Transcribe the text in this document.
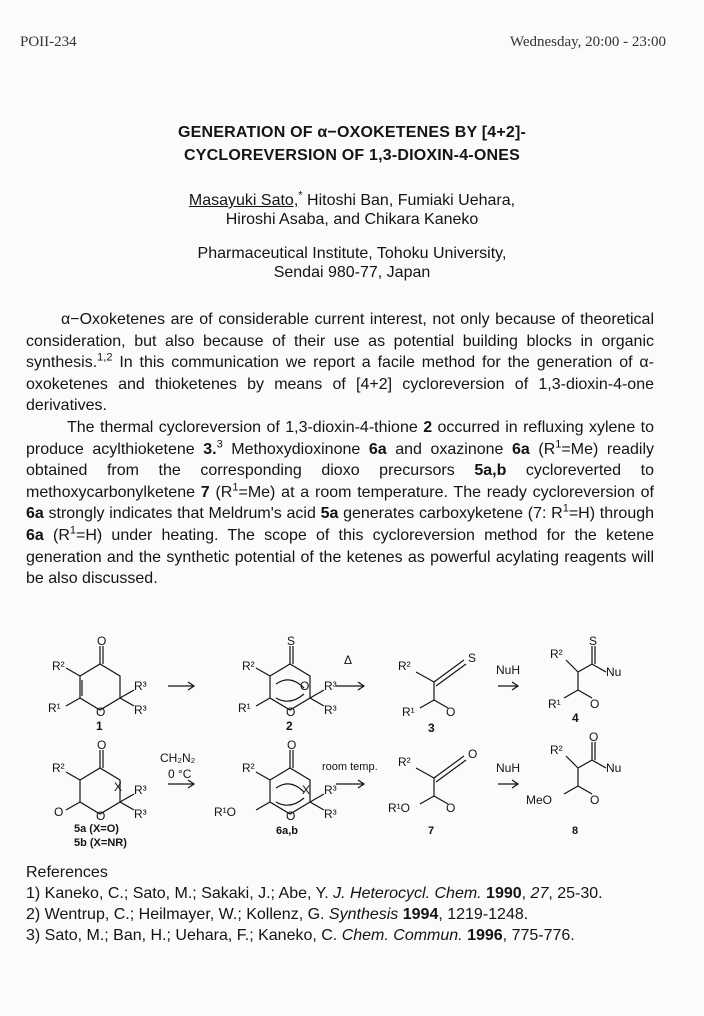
POII-234	Wednesday, 20:00 - 23:00
GENERATION OF α−OXOKETENES BY [4+2]-
CYCLOREVERSION OF 1,3-DIOXIN-4-ONES
Masayuki Sato,* Hitoshi Ban, Fumiaki Uehara,
Hiroshi Asaba, and Chikara Kaneko
Pharmaceutical Institute, Tohoku University,
Sendai 980-77, Japan

α−Oxoketenes are of considerable current interest, not only because of theoretical consideration, but also because of their use as potential building blocks in organic synthesis.$^{1,2}$ In this communication we report a facile method for the generation of α-oxoketenes and thioketenes by means of [4+2] cycloreversion of 1,3-dioxin-4-one derivatives.

The thermal cycloreversion of 1,3-dioxin-4-thione 2 occurred in refluxing xylene to produce acylthioketene 3.$^3$ Methoxydioxinone 6a and oxazinone 6a $(R^1=Me)$ readily obtained from the corresponding dioxo precursors 5a,b cycloreverted to methoxycarbonylketene 7 $(R^1=Me)$ at a room temperature. The ready cycloreversion of 6a strongly indicates that Meldrum's acid 5a generates carboxyketene (7: $R^1=H$) through 6a $(R^1=H)$ under heating. The scope of this cycloreversion method for the ketene generation and the synthetic potential of the ketenes as powerful acylating reagents will be also discussed.

O
R²
O
R³
R³
R¹
1
S
R²
O
O
R³
R³
R¹
2
Δ	R²
S
O
R¹
3
NuH
R²
S
Nu
O
R¹
4
O
R²
X
O
R³
R³
O
5a (X=O)
5b (X=NR)
CH₂N₂
0 °C
O
R²
X
O
R³
R³
R¹O
6a,b
room temp. R²
O
O
R¹O
7
NuH
R²
O
Nu
O
MeO
8
References
1) Kaneko, C.; Sato, M.; Sakaki, J.; Abe, Y. J. Heterocycl. Chem. 1990, 27, 25-30.
2) Wentrup, C.; Heilmayer, W.; Kollenz, G. Synthesis 1994, 1219-1248.
3) Sato, M.; Ban, H.; Uehara, F.; Kaneko, C. Chem. Commun. 1996, 775-776.
